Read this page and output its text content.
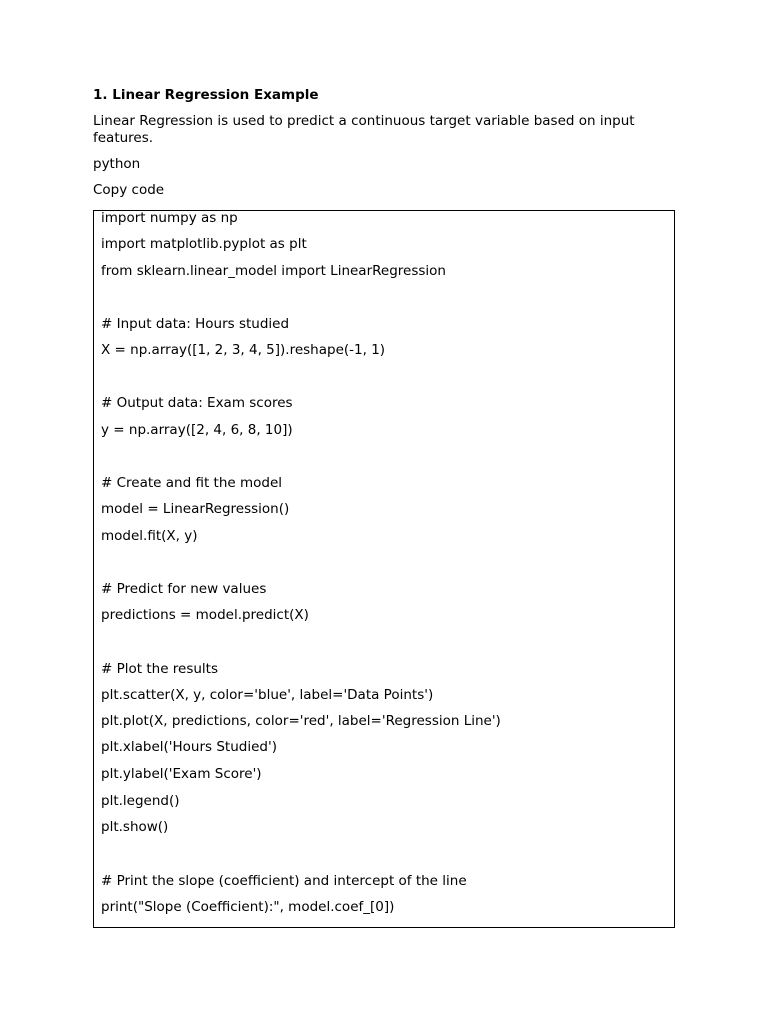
1. Linear Regression Example

Linear Regression is used to predict a continuous target variable based on input features.

python

Copy code

import numpy as np
import matplotlib.pyplot as plt
from sklearn.linear_model import LinearRegression
# Input data: Hours studied
X = np.array([1, 2, 3, 4, 5]).reshape(-1, 1)
# Output data: Exam scores
y = np.array([2, 4, 6, 8, 10])
# Create and fit the model
model = LinearRegression()
model.fit(X, y)
# Predict for new values
predictions = model.predict(X)
# Plot the results
plt.scatter(X, y, color='blue', label='Data Points')
plt.plot(X, predictions, color='red', label='Regression Line')
plt.xlabel('Hours Studied')
plt.ylabel('Exam Score')
plt.legend()
plt.show()
# Print the slope (coefficient) and intercept of the line
print("Slope (Coefficient):", model.coef_[0])
